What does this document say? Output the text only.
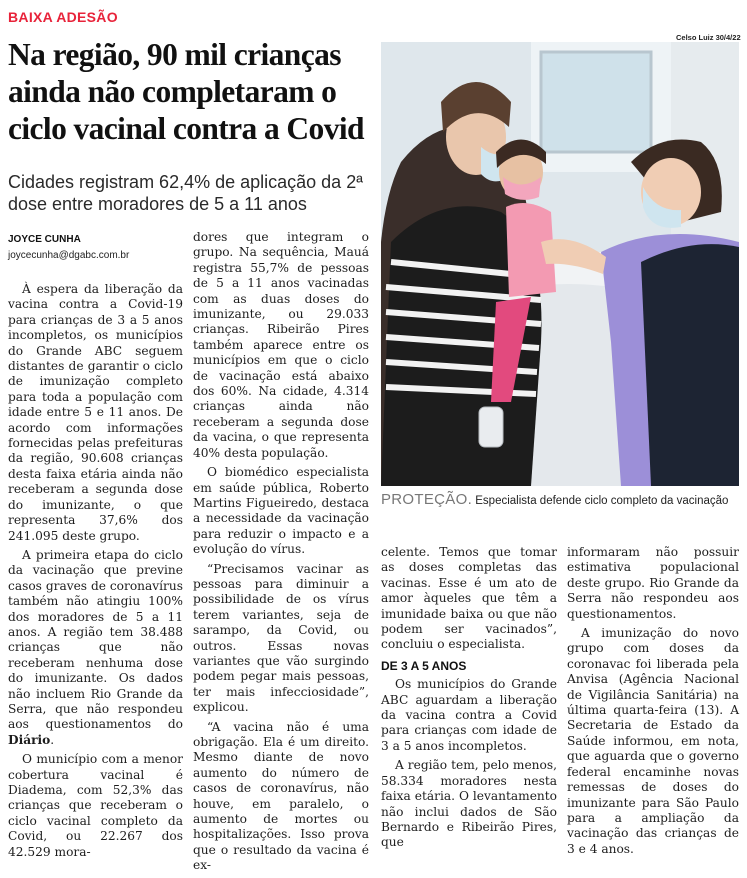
BAIXA ADESÃO
Na região, 90 mil crianças ainda não completaram o ciclo vacinal contra a Covid
Cidades registram 62,4% de aplicação da 2ª dose entre moradores de 5 a 11 anos
JOYCE CUNHA
joycecunha@dgabc.com.br

À espera da liberação da vacina contra a Covid-19 para crianças de 3 a 5 anos incompletos, os municípios do Grande ABC seguem distantes de garantir o ciclo de imunização completo para toda a população com idade entre 5 e 11 anos. De acordo com informações fornecidas pelas prefeituras da região, 90.608 crianças desta faixa etária ainda não receberam a segunda dose do imunizante, o que representa 37,6% dos 241.095 deste grupo.

A primeira etapa do ciclo da vacinação que previne casos graves de coronavírus também não atingiu 100% dos moradores de 5 a 11 anos. A região tem 38.488 crianças que não receberam nenhuma dose do imunizante. Os dados não incluem Rio Grande da Serra, que não respondeu aos questionamentos do Diário.

O município com a menor cobertura vacinal é Diadema, com 52,3% das crianças que receberam o ciclo vacinal completo da Covid, ou 22.267 dos 42.529 mora-

dores que integram o grupo. Na sequência, Mauá registra 55,7% de pessoas de 5 a 11 anos vacinadas com as duas doses do imunizante, ou 29.033 crianças. Ribeirão Pires também aparece entre os municípios em que o ciclo de vacinação está abaixo dos 60%. Na cidade, 4.314 crianças ainda não receberam a segunda dose da vacina, o que representa 40% desta população.

O biomédico especialista em saúde pública, Roberto Martins Figueiredo, destaca a necessidade da vacinação para reduzir o impacto e a evolução do vírus.

“Precisamos vacinar as pessoas para diminuir a possibilidade de os vírus terem variantes, seja de sarampo, da Covid, ou outros. Essas novas variantes que vão surgindo podem pegar mais pessoas, ter mais infecciosidade”, explicou.

“A vacina não é uma obrigação. Ela é um direito. Mesmo diante de novo aumento do número de casos de coronavírus, não houve, em paralelo, o aumento de mortes ou hospitalizações. Isso prova que o resultado da vacina é ex-

Celso Luiz 30/4/22
PROTEÇÃO. Especialista defende ciclo completo da vacinação

celente. Temos que tomar as doses completas das vacinas. Esse é um ato de amor àqueles que têm a imunidade baixa ou que não podem ser vacinados”, concluiu o especialista.

DE 3 A 5 ANOS

Os municípios do Grande ABC aguardam a liberação da vacina contra a Covid para crianças com idade de 3 a 5 anos incompletos.

A região tem, pelo menos, 58.334 moradores nesta faixa etária. O levantamento não inclui dados de São Bernardo e Ribeirão Pires, que

informaram não possuir estimativa populacional deste grupo. Rio Grande da Serra não respondeu aos questionamentos.

A imunização do novo grupo com doses da coronavac foi liberada pela Anvisa (Agência Nacional de Vigilância Sanitária) na última quarta-feira (13). A Secretaria de Estado da Saúde informou, em nota, que aguarda que o governo federal encaminhe novas remessas de doses do imunizante para São Paulo para a ampliação da vacinação das crianças de 3 e 4 anos.
